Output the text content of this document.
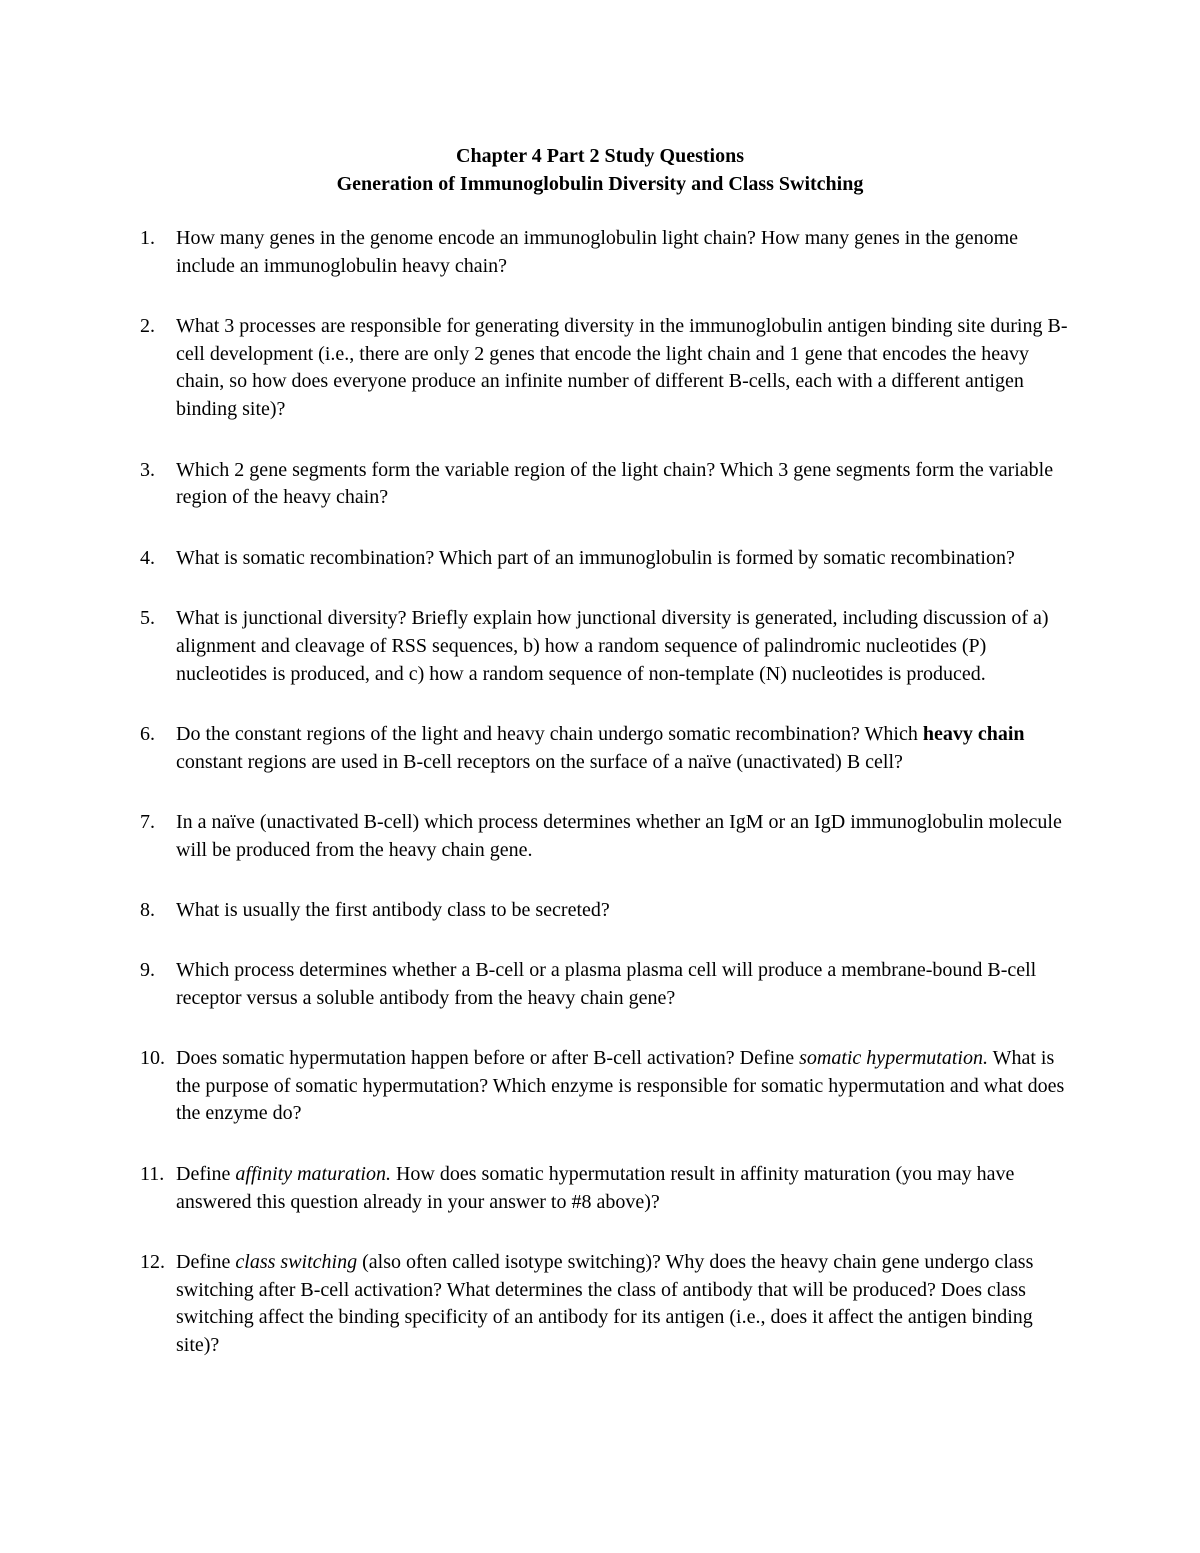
Chapter 4 Part 2 Study Questions
Generation of Immunoglobulin Diversity and Class Switching
1.	How many genes in the genome encode an immunoglobulin light chain? How many genes in the genome include an immunoglobulin heavy chain?
2.	What 3 processes are responsible for generating diversity in the immunoglobulin antigen binding site during B-cell development (i.e., there are only 2 genes that encode the light chain and 1 gene that encodes the heavy chain, so how does everyone produce an infinite number of different B-cells, each with a different antigen binding site)?
3.	Which 2 gene segments form the variable region of the light chain? Which 3 gene segments form the variable region of the heavy chain?
4.	What is somatic recombination? Which part of an immunoglobulin is formed by somatic recombination?
5.	What is junctional diversity? Briefly explain how junctional diversity is generated, including discussion of a) alignment and cleavage of RSS sequences, b) how a random sequence of palindromic nucleotides (P) nucleotides is produced, and c) how a random sequence of non-template (N) nucleotides is produced.
6.	Do the constant regions of the light and heavy chain undergo somatic recombination? Which heavy chain constant regions are used in B-cell receptors on the surface of a naïve (unactivated) B cell?
7.	In a naïve (unactivated B-cell) which process determines whether an IgM or an IgD immunoglobulin molecule will be produced from the heavy chain gene.
8.	What is usually the first antibody class to be secreted?
9.	Which process determines whether a B-cell or a plasma plasma cell will produce a membrane-bound B-cell receptor versus a soluble antibody from the heavy chain gene?
10. Does somatic hypermutation happen before or after B-cell activation? Define somatic hypermutation. What is the purpose of somatic hypermutation? Which enzyme is responsible for somatic hypermutation and what does the enzyme do?
11. Define affinity maturation. How does somatic hypermutation result in affinity maturation (you may have answered this question already in your answer to #8 above)?
12. Define class switching (also often called isotype switching)? Why does the heavy chain gene undergo class switching after B-cell activation? What determines the class of antibody that will be produced? Does class switching affect the binding specificity of an antibody for its antigen (i.e., does it affect the antigen binding site)?
